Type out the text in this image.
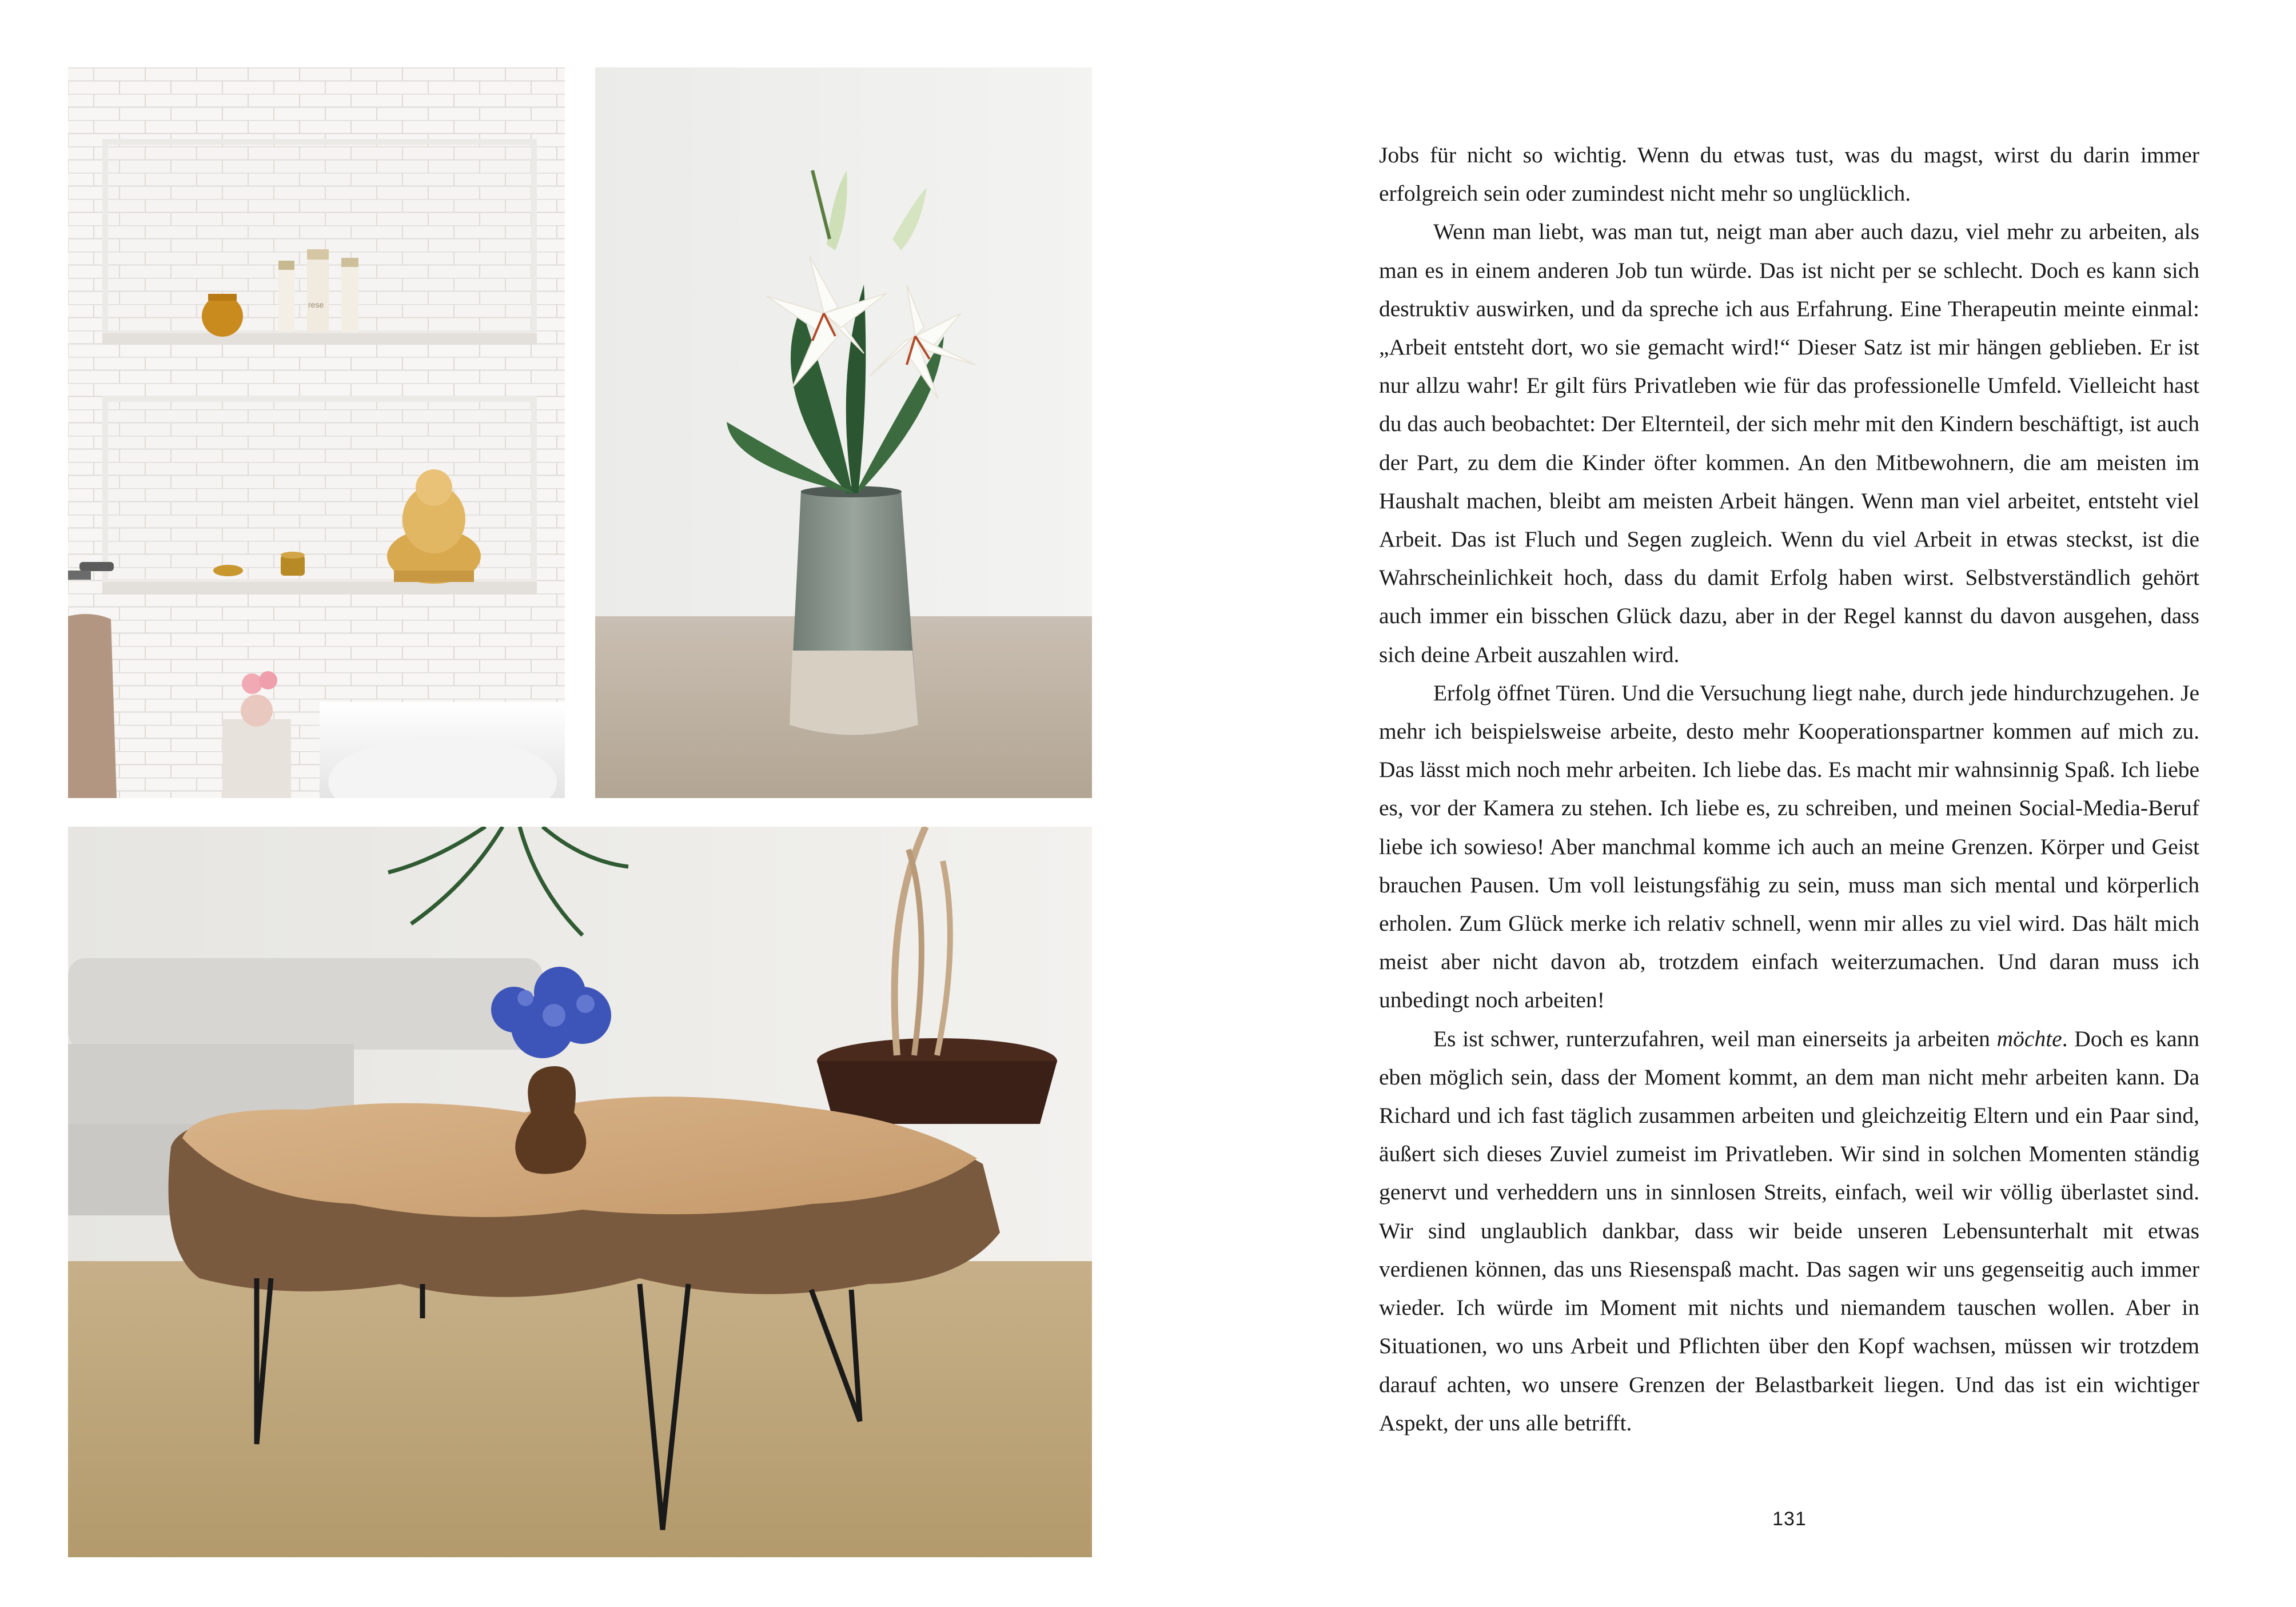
rese

Jobs für nicht so wichtig. Wenn du etwas tust, was du magst, wirst du darin immer erfolgreich sein oder zumindest nicht mehr so unglücklich.

Wenn man liebt, was man tut, neigt man aber auch dazu, viel mehr zu arbeiten, als man es in einem anderen Job tun würde. Das ist nicht per se schlecht. Doch es kann sich destruktiv auswirken, und da spreche ich aus Erfahrung. Eine Therapeutin meinte einmal: „Arbeit entsteht dort, wo sie gemacht wird!“ Dieser Satz ist mir hängen geblieben. Er ist nur allzu wahr! Er gilt fürs Privatleben wie für das professionelle Umfeld. Vielleicht hast du das auch beobachtet: Der Elternteil, der sich mehr mit den Kindern beschäftigt, ist auch der Part, zu dem die Kinder öfter kommen. An den Mitbewohnern, die am meisten im Haushalt machen, bleibt am meisten Arbeit hängen. Wenn man viel arbeitet, entsteht viel Arbeit. Das ist Fluch und Segen zugleich. Wenn du viel Arbeit in etwas steckst, ist die Wahrscheinlichkeit hoch, dass du damit Erfolg haben wirst. Selbstverständlich gehört auch immer ein bisschen Glück dazu, aber in der Regel kannst du davon ausgehen, dass sich deine Arbeit auszahlen wird.

Erfolg öffnet Türen. Und die Versuchung liegt nahe, durch jede hindurchzugehen. Je mehr ich beispielsweise arbeite, desto mehr Kooperationspartner kommen auf mich zu. Das lässt mich noch mehr arbeiten. Ich liebe das. Es macht mir wahnsinnig Spaß. Ich liebe es, vor der Kamera zu stehen. Ich liebe es, zu schreiben, und meinen Social-Media-Beruf liebe ich sowieso! Aber manchmal komme ich auch an meine Grenzen. Körper und Geist brauchen Pausen. Um voll leistungsfähig zu sein, muss man sich mental und körperlich erholen. Zum Glück merke ich relativ schnell, wenn mir alles zu viel wird. Das hält mich meist aber nicht davon ab, trotzdem einfach weiterzumachen. Und daran muss ich unbedingt noch arbeiten!

Es ist schwer, runterzufahren, weil man einerseits ja arbeiten möchte. Doch es kann eben möglich sein, dass der Moment kommt, an dem man nicht mehr arbeiten kann. Da Richard und ich fast täglich zusammen arbeiten und gleichzeitig Eltern und ein Paar sind, äußert sich dieses Zuviel zumeist im Privatleben. Wir sind in solchen Momenten ständig genervt und verheddern uns in sinnlosen Streits, einfach, weil wir völlig überlastet sind. Wir sind unglaublich dankbar, dass wir beide unseren Lebensunterhalt mit etwas verdienen können, das uns Riesenspaß macht. Das sagen wir uns gegenseitig auch immer wieder. Ich würde im Moment mit nichts und niemandem tauschen wollen. Aber in Situationen, wo uns Arbeit und Pflichten über den Kopf wachsen, müssen wir trotzdem darauf achten, wo unsere Grenzen der Belastbarkeit liegen. Und das ist ein wichtiger Aspekt, der uns alle betrifft.

131
